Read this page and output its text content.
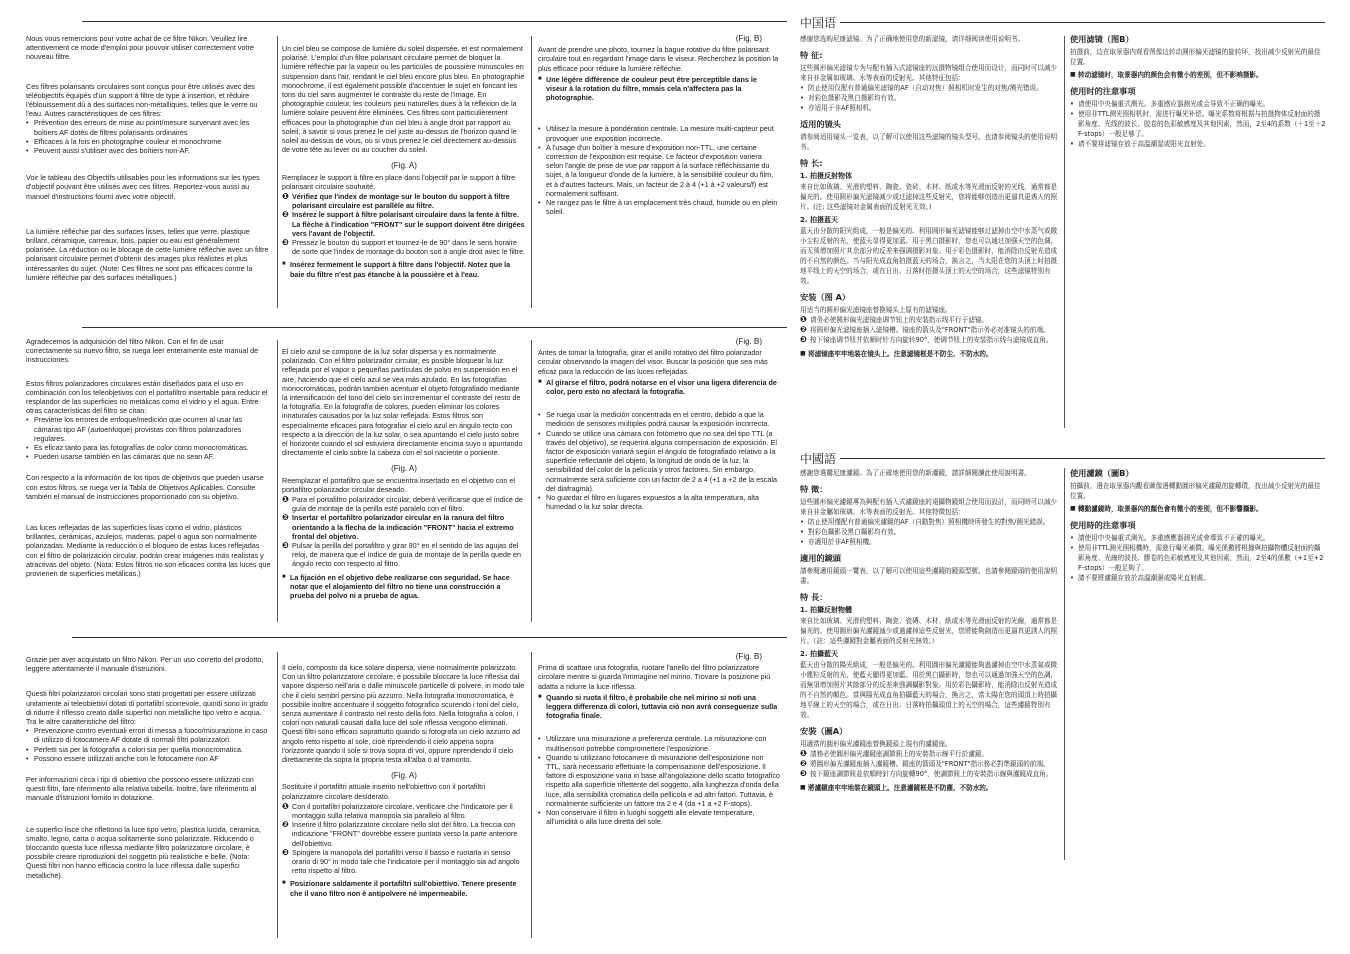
Nous vous remercions pour votre achat de ce filtre Nikon. Veuillez lire attentivement ce mode d'emploi pour pouvoir utiliser correctement votre nouveau filtre.

Ces filtres polarisants circulaires sont conçus pour être utilisés avec des téléobjectifs équipés d'un support à filtre de type à insertion, et réduire l'éblouissement dû à des surfaces non-métalliques, telles que le verre ou l'eau. Autres caractéristiques de ces filtres:

• Prévention des erreurs de mise au point/mesure survenant avec les boîtiers AF dotés de filtres polarisants ordinaires
• Efficaces à la fois en photographie couleur et monochrome
• Peuvent aussi s'utiliser avec des boîtiers non-AF.

Voir le tableau des Objectifs utilisables pour les informations sur les types d'objectif pouvant être utilisés avec ces filtres. Reportez-vous aussi au manuel d'instructions fourni avec votre objectif.

La lumière réfléchie par des surfaces lisses, telles que verre, plastique brillant, céramique, carreaux, bois, papier ou eau est généralement polarisée. La réduction ou le blocage de cette lumière réfléchie avec un filtre polarisant circulaire permet d'obtenir des images plus réalistes et plus intéressantes du sujet. (Note: Ces filtres ne sont pas efficaces contre la lumière réfléchie par des surfaces métalliques.)

Un ciel bleu se compose de lumière du soleil dispersée, et est normalement polarisé. L'emploi d'un filtre polarisant circulaire permet de bloquer la lumière réfléchie par la vapeur ou les particules de poussière minuscules en suspension dans l'air, rendant le ciel bleu encore plus bleu. En photographie monochrome, il est également possible d'accentuer le sujet en foncant les tons du ciel sans augmenter le contraste du reste de l'image. En photographie couleur, les couleurs peu naturelles dues à la réflexion de la lumière solaire peuvent être éliminées. Ces filtres sont particulièrement efficaces pour la photographie d'un ciel bleu à angle droit par rapport au soleil, à savoir si vous prenez le ciel juste au-dessus de l'horizon quand le soleil au-dessus de vous, ou si vous prenez le ciel directement au-dessus de votre tête au lever ou au coucher du soleil.

(Fig. A)

Remplacez le support à filtre en place dans l'objectif par le support à filtre polarisant circulaire souhaité.

❶ Vérifiez que l'index de montage sur le bouton du support à filtre polarisant circulaire est parallèle au filtre.
❷ Insérez le support à filtre polarisant circulaire dans la fente à filtre. La flèche à l'indication "FRONT" sur le support doivent être dirigées vers l'avant de l'objectif.
❸ Pressez le bouton du support et tournez-le de 90° dans le sens horaire de sorte que l'index de montage du bouton soit à angle droit avec le filtre.
■ Insérez fermement le support à filtre dans l'objectif. Notez que la baie du filtre n'est pas étanche à la poussière et à l'eau.
(Fig. B)

Avant de prendre une photo, tournez la bague rotative du filtre polarisant circulaire tout en regardant l'image dans le viseur. Recherchez la position la plus efficace pour réduire la lumière réfléchie.

■ Une légère différence de couleur peut être perceptible dans le viseur à la rotation du filtre, mmais cela n'affectera pas la photographie.
• Utilisez la mesure à pondération centrale. La mesure multi-capteur peut provoquer une exposition incorrecte.
• A l'usage d'un boîtier à mesure d'exposition non-TTL, une certaine correction de l'exposition est requise. Le facteur d'exposition variera selon l'angle de prise de vue par rapport à la surface réfléchissante du sujet, à la longueur d'onde de la lumière, à la sensibilité couleur du film, et à d'autres facteurs. Mais, un facteur de 2 à 4 (+1 à +2 valeurs/f) est normalement suffisant.
• Ne rangez pas le filtre à un emplacement très chaud, humide ou en plein soleil.

Agradecemos la adquisición del filtro Nikon. Con el fin de usar correctamente su nuevo filtro, se ruega leer enteramente este manual de instrucciones.

Estos filtros polarizadores circulares están diseñados para el uso en combinación con los teleobjetivos con el portafiltro insertable para reducir el resplandor de las superficies no metálicas como el vidrio y el agua. Entre otras características del filtro se citan:

• Previene los errores de enfoque/medición que ocurren al usar las cámaras tipo AF (autoenfoque) provistas con filtros polarizadores regulares.
• Es eficaz tanto para las fotografías de color como monocromáticas.
• Pueden usarse también en las cámaras que no sean AF.

Con respecto a la información de los tipos de objetivos que pueden usarse con estos filtros, se ruega ver la Tabla de Objetivos Aplicables. Consulte también el manual de instrucciones proporcionado con su objetivo.

Las luces reflejadas de las superficies lisas como el vidrio, plásticos brillantes, cerámicas, azulejos, maderas, papel o agua son normalmente polarizadas. Mediante la reducción o el bloqueo de estas luces reflejadas con el filtro de polarización circular, podrán crear imágenes más realistas y atractivas del objeto. (Nota: Estos filtros no son eficaces contra las luces que provienen de superficies metálicas.)

El cielo azul se compone de la luz solar dispersa y es normalmente polarizado. Con el filtro polarizador circular, es posible bloquear la luz reflejada por el vapor o pequeñas partículas de polvo en suspensión en el aire, haciendo que el cielo azul se vea más azulado. En las fotografías monocromáticas, podrán también acentuar el objeto fotografiado mediante la intensificación del tono del cielo sin incrementar el contraste del resto de la fotografía. En la fotografía de colores, pueden eliminar los colores innaturales causados por la luz solar reflejada. Estos filtros son especialmente eficaces para fotografiar el cielo azul en ángulo recto con respecto a la dirección de la luz solar, o sea apuntando el cielo justo sobre el horizonte cuando el sol estuviera directamente encima suyo o apuntando directamente el cielo sobre la cabeza con el sol naciente o poniente.

(Fig. A)

Reemplazar el portafiltro que se encuentra insertado en el objetivo con el portafiltro polarizador circular deseado.

❶ Para el portafiltro polarizador circular, deberá verificarse que el índice de guía de montaje de la perilla esté paralelo con el filtro.
❷ Insertar el portafiltro polarizador circular en la ranura del filtro orientando a la flecha de la indicación "FRONT" hacia el extremo frontal del objetivo.
❸ Pulsar la perilla del portafiltro y girar 90° en el sentido de las agujas del reloj, de manera que el índice de guía de montaje de la perilla quede en ángulo recto con respecto al filtro.
■ La fijación en el objetivo debe realizarse con seguridad. Se hace notar que el alojamiento del filtro no tiene una construcción a prueba del polvo ni a prueba de agua.
(Fig. B)

Antes de tomar la fotografía, girar el anillo rotativo del filtro polarizador circular observando la imagen del visor. Buscar la posición que sea más eficaz para la reducción de las luces reflejadas.

■ Al girarse el filtro, podrá notarse en el visor una ligera diferencia de color, pero esto no afectará la fotografía.
• Se ruega usar la medición concentrada en el centro, debido a que la medición de sensores múltiples podrá causar la exposición incorrecta.
• Cuando se utilice una cámara con fotómetro que no sea del tipo TTL (a través del objetivo), se requerirá alguna compensación de exposición. El factor de exposición variará según el ángulo de fotografiado relativo a la superficie reflectante del objeto, la longitud de onda de la luz, la sensibilidad del color de la película y otros factores. Sin embargo, normalmente será suficiente con un factor de 2 a 4 (+1 a +2 de la escala del diafragma).
• No guardar el filtro en lugares expuestos a la alta temperatura, alta humedad o la luz solar directa.

Grazie per aver acquistato un filtro Nikon. Per un uso corretto del prodotto, leggere attentamente il manuale d'istruzioni.

Questi filtri polarizzatori circolari sono stati progettati per essere utilizzati unitamente ai teleobiettivi dotati di portafiltri scorrevole, quindi sono in grado di ridurre il riflesso creato dalle superfici non metalliche tipo vetro e acqua. Tra le altre caratteristiche del filtro:

• Prevenzione contro eventuali errori di messa a fuoco/misurazione in caso di utilizzo di fotocamere AF dotate di normali filtri polarizzatori.
• Perfetti sia per la fotografia a colori sia per quella monocromatica.
• Possono essere utilizzati anche con le fotocamere non AF

Per informazioni circa i tipi di obiettivo che possono essere utilizzati con questi filtri, fare riferimento alla relativa tabella. Inoltre, fare riferimento al manuale d'istruzioni fornito in dotazione.

Le superfici lisce che riflettono la luce tipo vetro, plastica lucida, ceramica, smalto, legno, carta o acqua solitamente sono polarizzate. Riducendo o bloccando questa luce riflessa mediante filtro polarizzatore circolare, è possibile creare riproduzioni del soggetto più realistiche e belle. (Nota: Questi filtri non hanno efficacia contro la luce riflessa dalle superfici metalliche).

Il cielo, composto da luce solare dispersa, viene normalmente polarizzato. Con un filtro polarizzatore circolare, è possibile bloccare la luce riflessa dal vapore disperso nell'aria o dalle minuscole particelle di polvere, in modo tale che il cielo sembri persino più azzurro. Nella fotografia monocromatica, è possibile inoltre accentuare il soggetto fotografico scurendo i toni del cielo, senza aumentare il contrasto nel resto della foto. Nella fotografia a colori, i colori non naturali causati dalla luce del sole riflessa vengono eliminati. Questi filtri sono efficaci soprattutto quando si fotografa un cielo azzurro ad angolo retto rispetto al sole, cioè riprendendo il cielo appena sopra l'orizzonte quando il sole si trova sopra di voi, oppure riprendendo il cielo direttamente da sopra la propria testa all'alba o al tramonto.

(Fig. A)

Sostituire il portafiltri attuale inserito nell'obiettivo con il portafiltri polarizzatore circolare desiderato.

❶ Con il portafiltri polarizzatore circolare, verificare che l'indicatore per il montaggio sulla relativa manopola sia parallelo al filtro.
❷ Inserire il filtro polarizzatore circolare nello slot del filtro. La freccia con indicazione "FRONT" dovrebbe essere puntata verso la parte anteriore dell'obiettivo.
❸ Spingere la manopola del portafiltri verso il basso e ruotarla in senso orario di 90° in modo tale che l'indicatore per il montaggio sia ad angolo retto rispetto al filtro.
■ Posizionare saldamente il portafiltri sull'obiettivo. Tenere presente che il vano filtro non è antipolvere né impermeabile.
(Fig. B)

Prima di scattare una fotografia, ruotare l'anello del filtro polarizzatore circolare mentre si guarda l'immagine nel mirino. Trovare la posizione più adatta a ridurre la luce riflessa.

■ Quando si ruota il filtro, è probabile che nel mirino si noti una leggera differenza di colori, tuttavia ciò non avrà conseguenze sulla fotografia finale.
• Utilizzare una misurazione a preferenza centrale. La misurazione con multisensori potrebbe compromettere l'esposizione.
• Quando si utilizzano fotocamere di misurazione dell'esposizione non TTL, sarà necessario effettuare la compensazione dell'esposizione. Il fattore di esposizione varia in base all'angolazione dello scatto fotografico rispetto alla superficie riflettente del soggetto, alla lunghezza d'onda della luce, alla sensibilità cromatica della pellicola e ad altri fattori. Tuttavia, è normalmente sufficiente un fattore tra 2 e 4 (da +1 a +2 F-stops).
• Non conservare il filtro in luoghi soggetti alle elevate temperature, all'umidità o alla luce diretta del sole.
中国语

感谢您选购尼康滤镜。为了正确地使用您的新滤镜，请详细阅读使用说明书。

特 征:

这些圆形偏光滤镜专为与配有插入式滤镜座的远摄物镜组合使用而设计，而同时可以减少来自非金属如玻璃、水等表面的反射光。其他特征包括：

• 防止使用仅配有普通偏光滤镜的AF（自动对焦）照相机时发生的对焦/测光错误。
• 对彩色摄影及黑白摄影均有效。
• 亦适用于非AF照相机。
适用的镜头

请参阅适用镜头一览表，以了解可以使用这些滤镜的镜头型号。也请参阅镜头的使用说明书。

特 长:
1. 拍摄反射物体

来自比如玻璃、光滑的塑料、陶瓷、瓷砖、木材、纸或水等光滑面反射的光线，通常都是偏光的。使用圆形偏光滤镜减少或过滤掉这些反射光，您将能够创造出更逼真更诱人的照片。(注: 这些滤镜对金属表面的反射光无效。)

2. 拍摄蓝天

蓝天由分散的阳光组成，一般是偏光的。利用圆形偏光滤镜能够过滤掉由空中水蒸气或微小尘粒反射的光，使蓝天显得更加蓝。用于黑白摄影时，您也可以通过加强天空的色调，而无须增加照片其余部分的反差来强调摄影对象。用于彩色摄影时，能消除由反射光造成的不自然的颜色。当与阳光成直角拍摄蓝天的场合，换言之，当太阳在您的头顶上时拍摄地平线上的天空的场合，或在日出、日落时拍摄头顶上的天空的场合，这些滤镜特别有效。

安装（图 A）

用适当的圆形偏光滤镜座替换镜头上原有的滤镜座。

❶ 请务必使圆形偏光滤镜座调节钮上的安装指示线平行于滤镜。
❷ 将圆形偏光滤镜座插入滤镜槽。镜座的箭头及"FRONT"指示务必对准镜头的前端。
❸ 按下镜座调节钮并依顺时针方向旋转90°，使调节钮上的安装指示线与滤镜成直角。
■ 将滤镜座牢牢地装在镜头上。注意滤镜框是不防尘、不防水的。
使用滤镜（图B）

拍摄前，边在取景器内观看图像边转动圆形偏光滤镜的旋转环，找出减少反射光的最佳位置。

■ 转动滤镜时，取景器内的颜色会有微小的差别，但不影响摄影。
使用时的注意事项
• 请使用中央偏重式测光。多重感应器测光或会导致不正确的曝光。
• 使用非TTL测光照相机时，需进行曝光补偿。曝光系数将根据与拍摄物体反射面的摄影角度、光线的波长、胶卷的色彩敏感度及其他因素，然而，2至4的系数（＋1至＋2 F-stops）一般足够了。
• 请不要将滤镜存放于高温潮湿或阳光直射处。
中國語

感謝您選購尼康濾鏡。為了正確地使用您的新濾鏡，請詳細閱讀此使用說明書。

特 徵：

這些圓形偏光濾鏡專為與配有插入式濾鏡座的遠攝物鏡組合使用而設計，而同時可以減少來自非金屬如玻璃、水等表面的反射光。其他特徵包括：

• 防止使用僅配有普通偏光濾鏡的AF（自動對焦）照相機時所發生的對焦/測光錯誤。
• 對彩色攝影及黑白攝影均有效。
• 亦適用於非AF照相機。
適用的鏡頭

請參閱適用鏡頭一覽表，以了解可以使用這些濾鏡的鏡頭型號。也請參閱鏡頭的使用說明書。

特 長：
1. 拍攝反射物體

來自比如玻璃、光滑的塑料、陶瓷、瓷磚、木材、紙或水等光滑面反射的光線，通常都是偏光的。使用圓形偏光濾鏡減少或過濾掉這些反射光，您將能夠創造出更逼真更誘人的照片。（註：這些濾鏡對金屬表面的反射光無效。）

2. 拍攝藍天

藍天由分散的陽光組成，一般是偏光的。利用圓形偏光濾鏡能夠過濾掉由空中水蒸氣或微小塵粒反射的光，使藍天顯得更加藍。用於黑白攝影時，您也可以通過加強天空的色調，而無須增加照片其餘部分的反差來強調攝影對象。用於彩色攝影時，能消除由反射光造成的不自然的顏色。當與陽光成直角拍攝藍天的場合，換言之，當太陽在您的頭頂上時拍攝地平線上的天空的場合，或在日出、日落時拍攝頭頂上的天空的場合，這些濾鏡特別有效。

安裝（圖A）

用適當的圓形偏光濾鏡座替換鏡頭上現有的濾鏡座。

❶ 請務必使圓形偏光濾鏡座調節鈕上的安裝指示線平行於濾鏡。
❷ 將圓形偏光濾鏡座插入濾鏡槽。鏡座的箭頭及"FRONT"指示務必對準鏡頭的前端。
❸ 按下鏡座調節鈕並依順時針方向旋轉90°，使調節鈕上的安裝指示線與濾鏡成直角。
■ 將濾鏡座牢牢地裝在鏡頭上。注意濾鏡框是不防塵、不防水的。
使用濾鏡（圖B）

拍攝前，邊在取景器內觀看圖像邊轉動圓形偏光濾鏡的旋轉環，找出減少反射光的最佳位置。

■ 轉動濾鏡時，取景器內的顏色會有微小的差別，但不影響攝影。
使用時的注意事項
• 請使用中央偏重式測光。多重感應器測光或會導致不正確的曝光。
• 使用非TTL測光照相機時，需進行曝光補償。曝光係數將根據與拍攝物體反射面的攝影角度、光線的波長、膠卷的色彩敏感度及其他因素，然而，2至4的係數（+1至+2 F-stops）一般足夠了。
• 請不要將濾鏡存放於高溫潮濕或陽光直射處。
